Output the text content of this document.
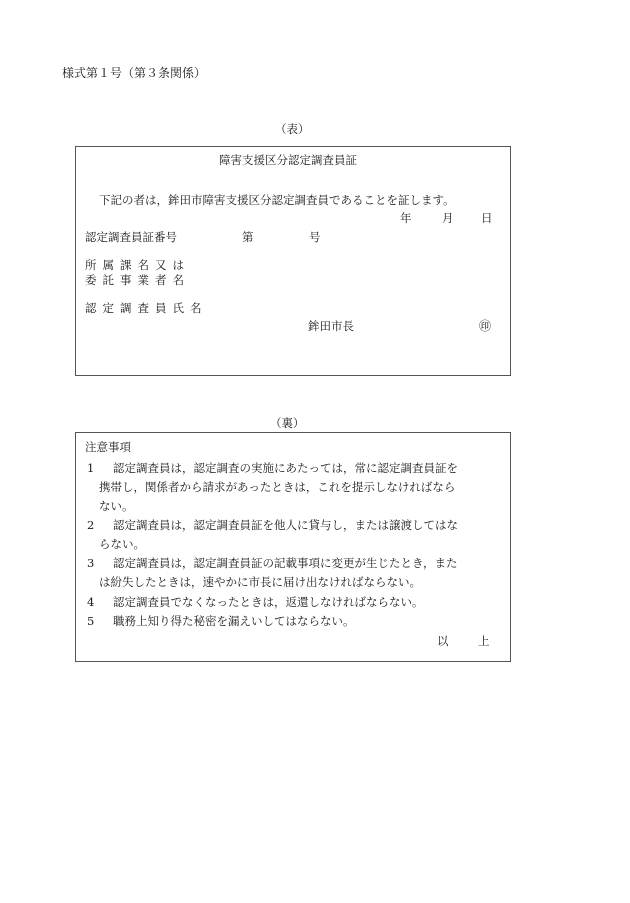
様式第１号（第３条関係）
（表）
障害支援区分認定調査員証
下記の者は，鉾田市障害支援区分認定調査員であることを証します。
年	月 日
認定調査員証番号	第	号
所属課名又は
委託事業者名
認定調査員氏名
鉾田市長	㊞
（裏）
注意事項
1 認定調査員は，認定調査の実施にあたっては，常に認定調査員証を
携帯し，関係者から請求があったときは，これを提示しなければなら
ない。
2 認定調査員は，認定調査員証を他人に貸与し，または譲渡してはな
らない。
3 認定調査員は，認定調査員証の記載事項に変更が生じたとき，また
は紛失したときは，速やかに市長に届け出なければならない。
4 認定調査員でなくなったときは，返還しなければならない。
5 職務上知り得た秘密を漏えいしてはならない。
以	上
